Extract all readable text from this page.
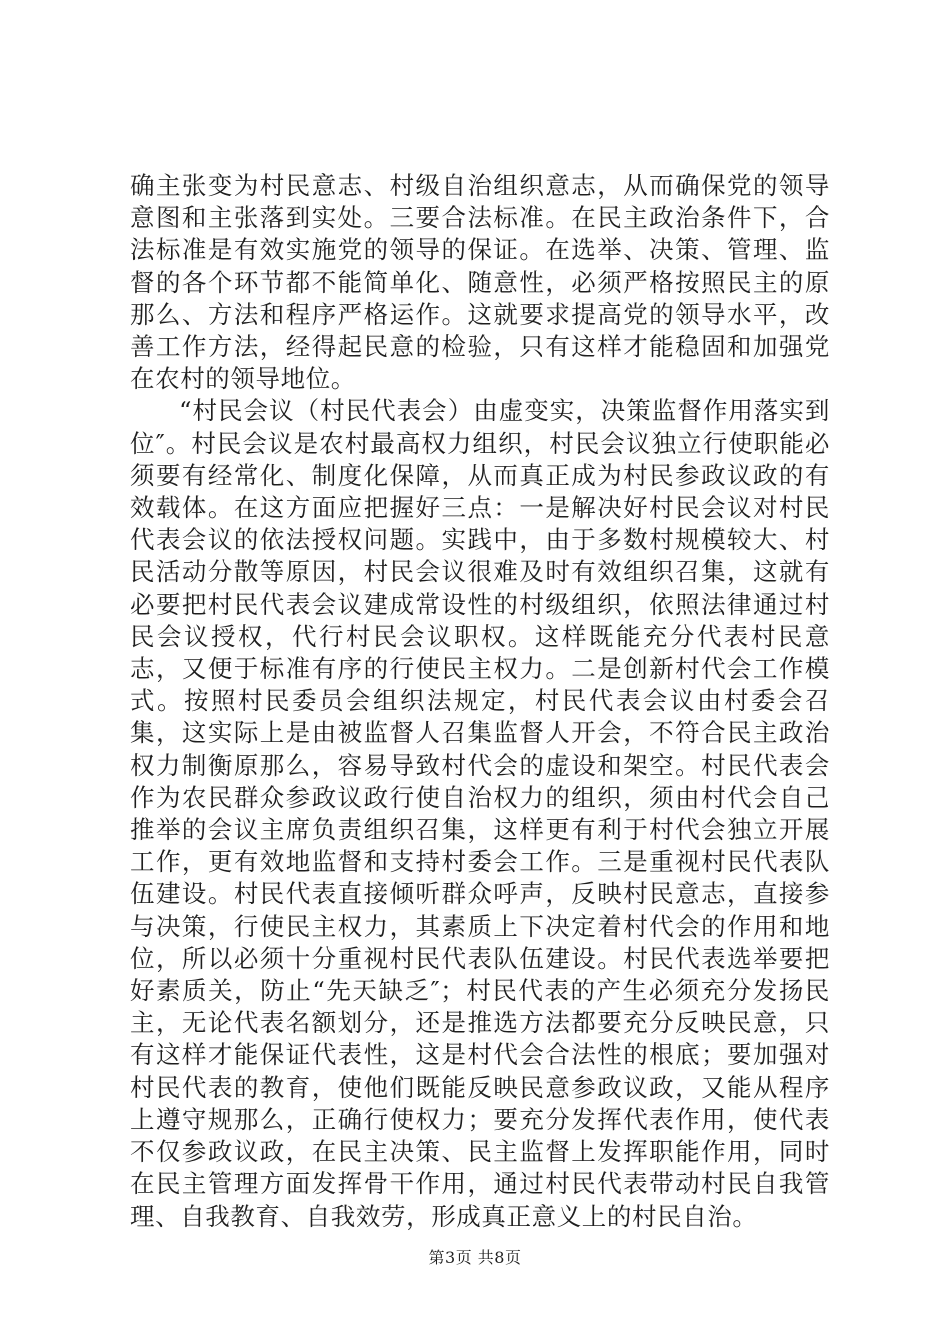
确主张变为村民意志、村级自治组织意志，从而确保党的领导意图和主张落到实处。三要合法标准。在民主政治条件下，合法标准是有效实施党的领导的保证。在选举、决策、管理、监督的各个环节都不能简单化、随意性，必须严格按照民主的原那么、方法和程序严格运作。这就要求提高党的领导水平，改善工作方法，经得起民意的检验，只有这样才能稳固和加强党在农村的领导地位。

“村民会议（村民代表会）由虚变实，决策监督作用落实到位″。村民会议是农村最高权力组织，村民会议独立行使职能必须要有经常化、制度化保障，从而真正成为村民参政议政的有效载体。在这方面应把握好三点：一是解决好村民会议对村民代表会议的依法授权问题。实践中，由于多数村规模较大、村民活动分散等原因，村民会议很难及时有效组织召集，这就有必要把村民代表会议建成常设性的村级组织，依照法律通过村民会议授权，代行村民会议职权。这样既能充分代表村民意志，又便于标准有序的行使民主权力。二是创新村代会工作模式。按照村民委员会组织法规定，村民代表会议由村委会召集，这实际上是由被监督人召集监督人开会，不符合民主政治权力制衡原那么，容易导致村代会的虚设和架空。村民代表会作为农民群众参政议政行使自治权力的组织，须由村代会自己推举的会议主席负责组织召集，这样更有利于村代会独立开展工作，更有效地监督和支持村委会工作。三是重视村民代表队伍建设。村民代表直接倾听群众呼声，反映村民意志，直接参与决策，行使民主权力，其素质上下决定着村代会的作用和地位，所以必须十分重视村民代表队伍建设。村民代表选举要把好素质关，防止“先天缺乏″；村民代表的产生必须充分发扬民主，无论代表名额划分，还是推选方法都要充分反映民意，只有这样才能保证代表性，这是村代会合法性的根底；要加强对村民代表的教育，使他们既能反映民意参政议政，又能从程序上遵守规那么，正确行使权力；要充分发挥代表作用，使代表不仅参政议政，在民主决策、民主监督上发挥职能作用，同时在民主管理方面发挥骨干作用，通过村民代表带动村民自我管理、自我教育、自我效劳，形成真正意义上的村民自治。

第3页 共8页
